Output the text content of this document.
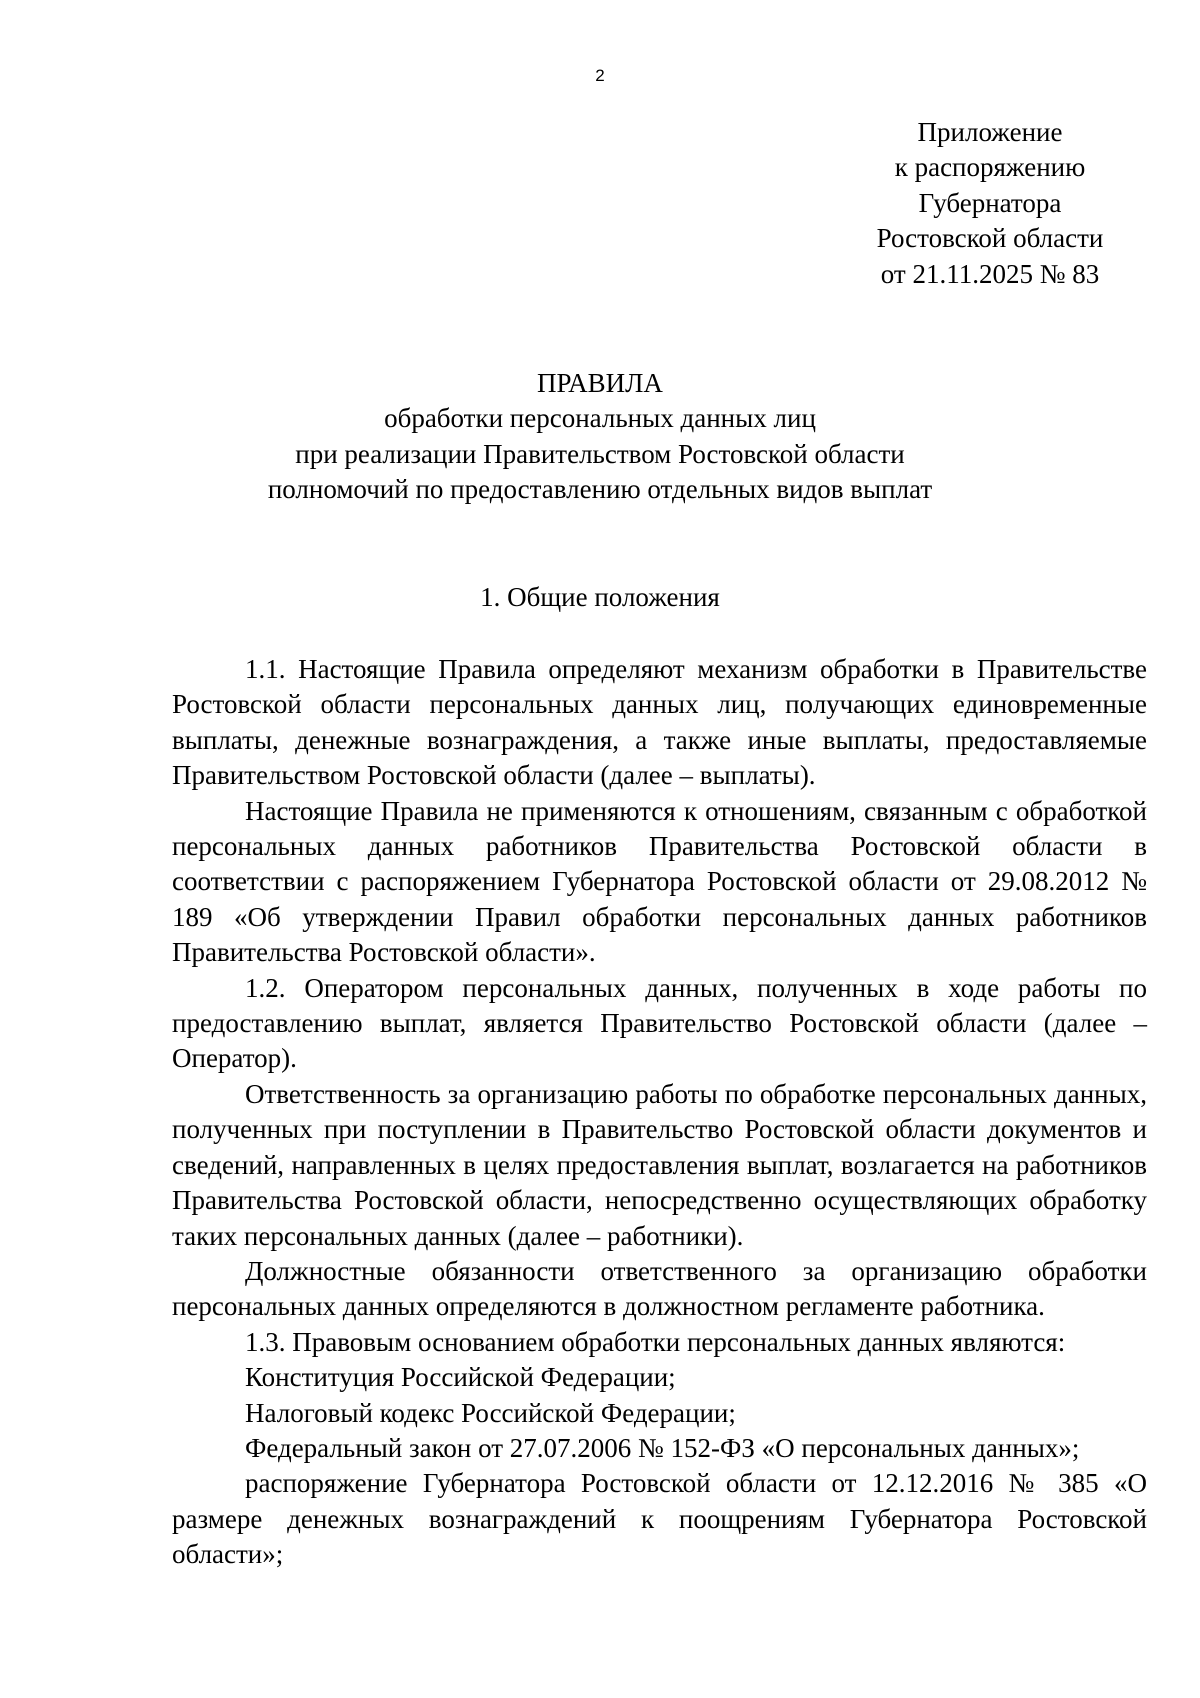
2
Приложение
к распоряжению
Губернатора
Ростовской области
от 21.11.2025 № 83
ПРАВИЛА
обработки персональных данных лиц
при реализации Правительством Ростовской области
полномочий по предоставлению отдельных видов выплат
1. Общие положения

1.1. Настоящие Правила определяют механизм обработки в Правительстве Ростовской области персональных данных лиц, получающих единовременные выплаты, денежные вознаграждения, а также иные выплаты, предоставляемые Правительством Ростовской области (далее – выплаты).

Настоящие Правила не применяются к отношениям, связанным с обработкой персональных данных работников Правительства Ростовской области в соответствии с распоряжением Губернатора Ростовской области от 29.08.2012 № 189 «Об утверждении Правил обработки персональных данных работников Правительства Ростовской области».

1.2. Оператором персональных данных, полученных в ходе работы по предоставлению выплат, является Правительство Ростовской области (далее – Оператор).

Ответственность за организацию работы по обработке персональных данных, полученных при поступлении в Правительство Ростовской области документов и сведений, направленных в целях предоставления выплат, возлагается на работников Правительства Ростовской области, непосредственно осуществляющих обработку таких персональных данных (далее – работники).

Должностные обязанности ответственного за организацию обработки персональных данных определяются в должностном регламенте работника.

1.3. Правовым основанием обработки персональных данных являются:

Конституция Российской Федерации;

Налоговый кодекс Российской Федерации;

Федеральный закон от 27.07.2006 № 152-ФЗ «О персональных данных»;

распоряжение Губернатора Ростовской области от 12.12.2016 № 385 «О размере денежных вознаграждений к поощрениям Губернатора Ростовской области»;
